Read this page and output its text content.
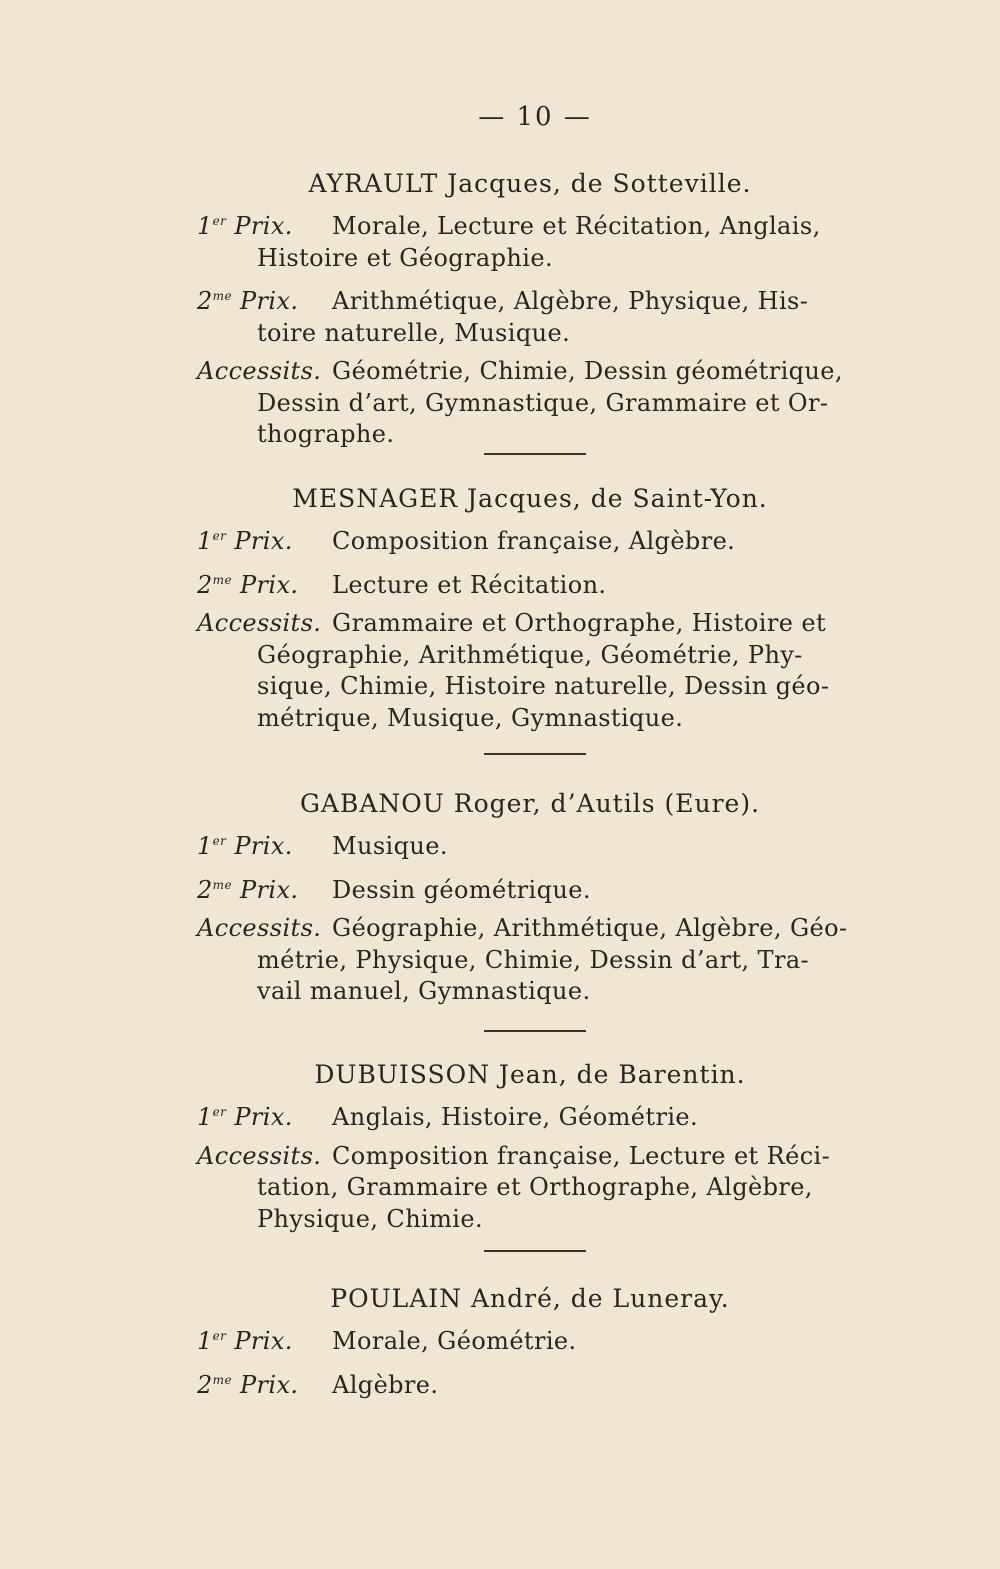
— 10 —
AYRAULT Jacques, de Sotteville.
1er Prix. Morale, Lecture et Récitation, Anglais,
Histoire et Géographie.
$2^{me}$ Prix. Arithmétique, Algèbre, Physique, His-
toire naturelle, Musique.
Accessits. Géométrie, Chimie, Dessin géométrique,
Dessin d’art, Gymnastique, Grammaire et Or-
thographe.
MESNAGER Jacques, de Saint-Yon.
1er Prix. Composition française, Algèbre.
$2^{me}$ Prix. Lecture et Récitation.
Accessits. Grammaire et Orthographe, Histoire et
Géographie, Arithmétique, Géométrie, Phy-
sique, Chimie, Histoire naturelle, Dessin géo-
métrique, Musique, Gymnastique.
GABANOU Roger, d’Autils (Eure).
1er Prix. Musique.
$2^{me}$ Prix. Dessin géométrique.
Accessits. Géographie, Arithmétique, Algèbre, Géo-
métrie, Physique, Chimie, Dessin d’art, Tra-
vail manuel, Gymnastique.
DUBUISSON Jean, de Barentin.
1er Prix. Anglais, Histoire, Géométrie.
Accessits. Composition française, Lecture et Réci-
tation, Grammaire et Orthographe, Algèbre,
Physique, Chimie.
POULAIN André, de Luneray.
1er Prix. Morale, Géométrie.
$2^{me}$ Prix. Algèbre.
